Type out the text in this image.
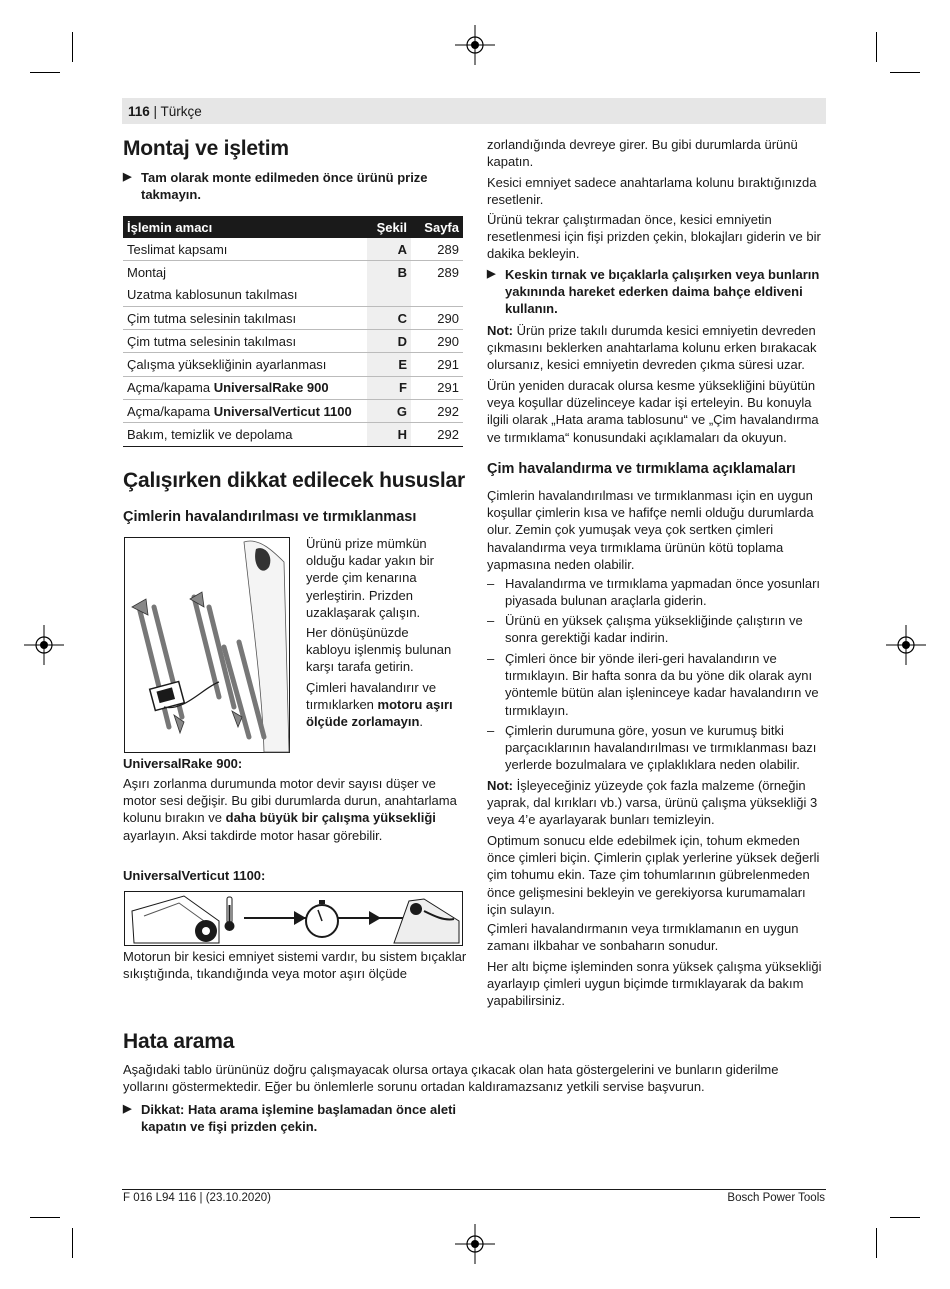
116 | Türkçe
Montaj ve işletim
▶ Tam olarak monte edilmeden önce ürünü prize takmayın.
İşlemin amacı	Şekil	Sayfa
Teslimat kapsamı	A	289
Montaj	B	289
Uzatma kablosunun takılması		
Çim tutma selesinin takılması	C	290
Çim tutma selesinin takılması	D	290
Çalışma yüksekliğinin ayarlanması	E	291
Açma/kapama UniversalRake 900	F	291
Açma/kapama UniversalVerticut 1100	G	292
Bakım, temizlik ve depolama	H	292
Çalışırken dikkat edilecek hususlar
Çimlerin havalandırılması ve tırmıklanması
Ürünü prize mümkün olduğu kadar yakın bir yerde çim kenarına yerleştirin. Prizden uzaklaşarak çalışın.
Her dönüşünüzde kabloyu işlenmiş bulunan karşı tarafa getirin.
Çimleri havalandırır ve tırmıklarken motoru aşırı ölçüde zorlamayın.
UniversalRake 900:
Aşırı zorlanma durumunda motor devir sayısı düşer ve motor sesi değişir. Bu gibi durumlarda durun, anahtarlama kolunu bırakın ve daha büyük bir çalışma yüksekliği ayarlayın. Aksi takdirde motor hasar görebilir.
UniversalVerticut 1100:
Motorun bir kesici emniyet sistemi vardır, bu sistem bıçaklar sıkıştığında, tıkandığında veya motor aşırı ölçüde
zorlandığında devreye girer. Bu gibi durumlarda ürünü kapatın.
Kesici emniyet sadece anahtarlama kolunu bıraktığınızda resetlenir.
Ürünü tekrar çalıştırmadan önce, kesici emniyetin resetlenmesi için fişi prizden çekin, blokajları giderin ve bir dakika bekleyin.
▶ Keskin tırnak ve bıçaklarla çalışırken veya bunların yakınında hareket ederken daima bahçe eldiveni kullanın.
Not: Ürün prize takılı durumda kesici emniyetin devreden çıkmasını beklerken anahtarlama kolunu erken bırakacak olursanız, kesici emniyetin devreden çıkma süresi uzar.
Ürün yeniden duracak olursa kesme yüksekliğini büyütün veya koşullar düzelinceye kadar işi erteleyin. Bu konuyla ilgili olarak „Hata arama tablosunu“ ve „Çim havalandırma ve tırmıklama“ konusundaki açıklamaları da okuyun.
Çim havalandırma ve tırmıklama açıklamaları
Çimlerin havalandırılması ve tırmıklanması için en uygun koşullar çimlerin kısa ve hafifçe nemli olduğu durumlarda olur. Zemin çok yumuşak veya çok sertken çimleri havalandırma veya tırmıklama ürünün kötü toplama yapmasına neden olabilir.
– Havalandırma ve tırmıklama yapmadan önce yosunları piyasada bulunan araçlarla giderin.
– Ürünü en yüksek çalışma yüksekliğinde çalıştırın ve sonra gerektiği kadar indirin.
– Çimleri önce bir yönde ileri-geri havalandırın ve tırmıklayın. Bir hafta sonra da bu yöne dik olarak aynı yöntemle bütün alan işleninceye kadar havalandırın ve tırmıklayın.
– Çimlerin durumuna göre, yosun ve kurumuş bitki parçacıklarının havalandırılması ve tırmıklanması bazı yerlerde bozulmalara ve çıplaklıklara neden olabilir.
Not: İşleyeceğiniz yüzeyde çok fazla malzeme (örneğin yaprak, dal kırıkları vb.) varsa, ürünü çalışma yüksekliği 3 veya 4’e ayarlayarak bunları temizleyin.
Optimum sonucu elde edebilmek için, tohum ekmeden önce çimleri biçin. Çimlerin çıplak yerlerine yüksek değerli çim tohumu ekin. Taze çim tohumlarının gübrelenmeden önce gelişmesini bekleyin ve gerekiyorsa kurumamaları için sulayın.
Çimleri havalandırmanın veya tırmıklamanın en uygun zamanı ilkbahar ve sonbaharın sonudur.
Her altı biçme işleminden sonra yüksek çalışma yüksekliği ayarlayıp çimleri uygun biçimde tırmıklayarak da bakım yapabilirsiniz.
Hata arama
Aşağıdaki tablo ürününüz doğru çalışmayacak olursa ortaya çıkacak olan hata göstergelerini ve bunların giderilme yollarını göstermektedir. Eğer bu önlemlerle sorunu ortadan kaldıramazsanız yetkili servise başvurun.
▶ Dikkat: Hata arama işlemine başlamadan önce aleti kapatın ve fişi prizden çekin.
F 016 L94 116 | (23.10.2020)	Bosch Power Tools
